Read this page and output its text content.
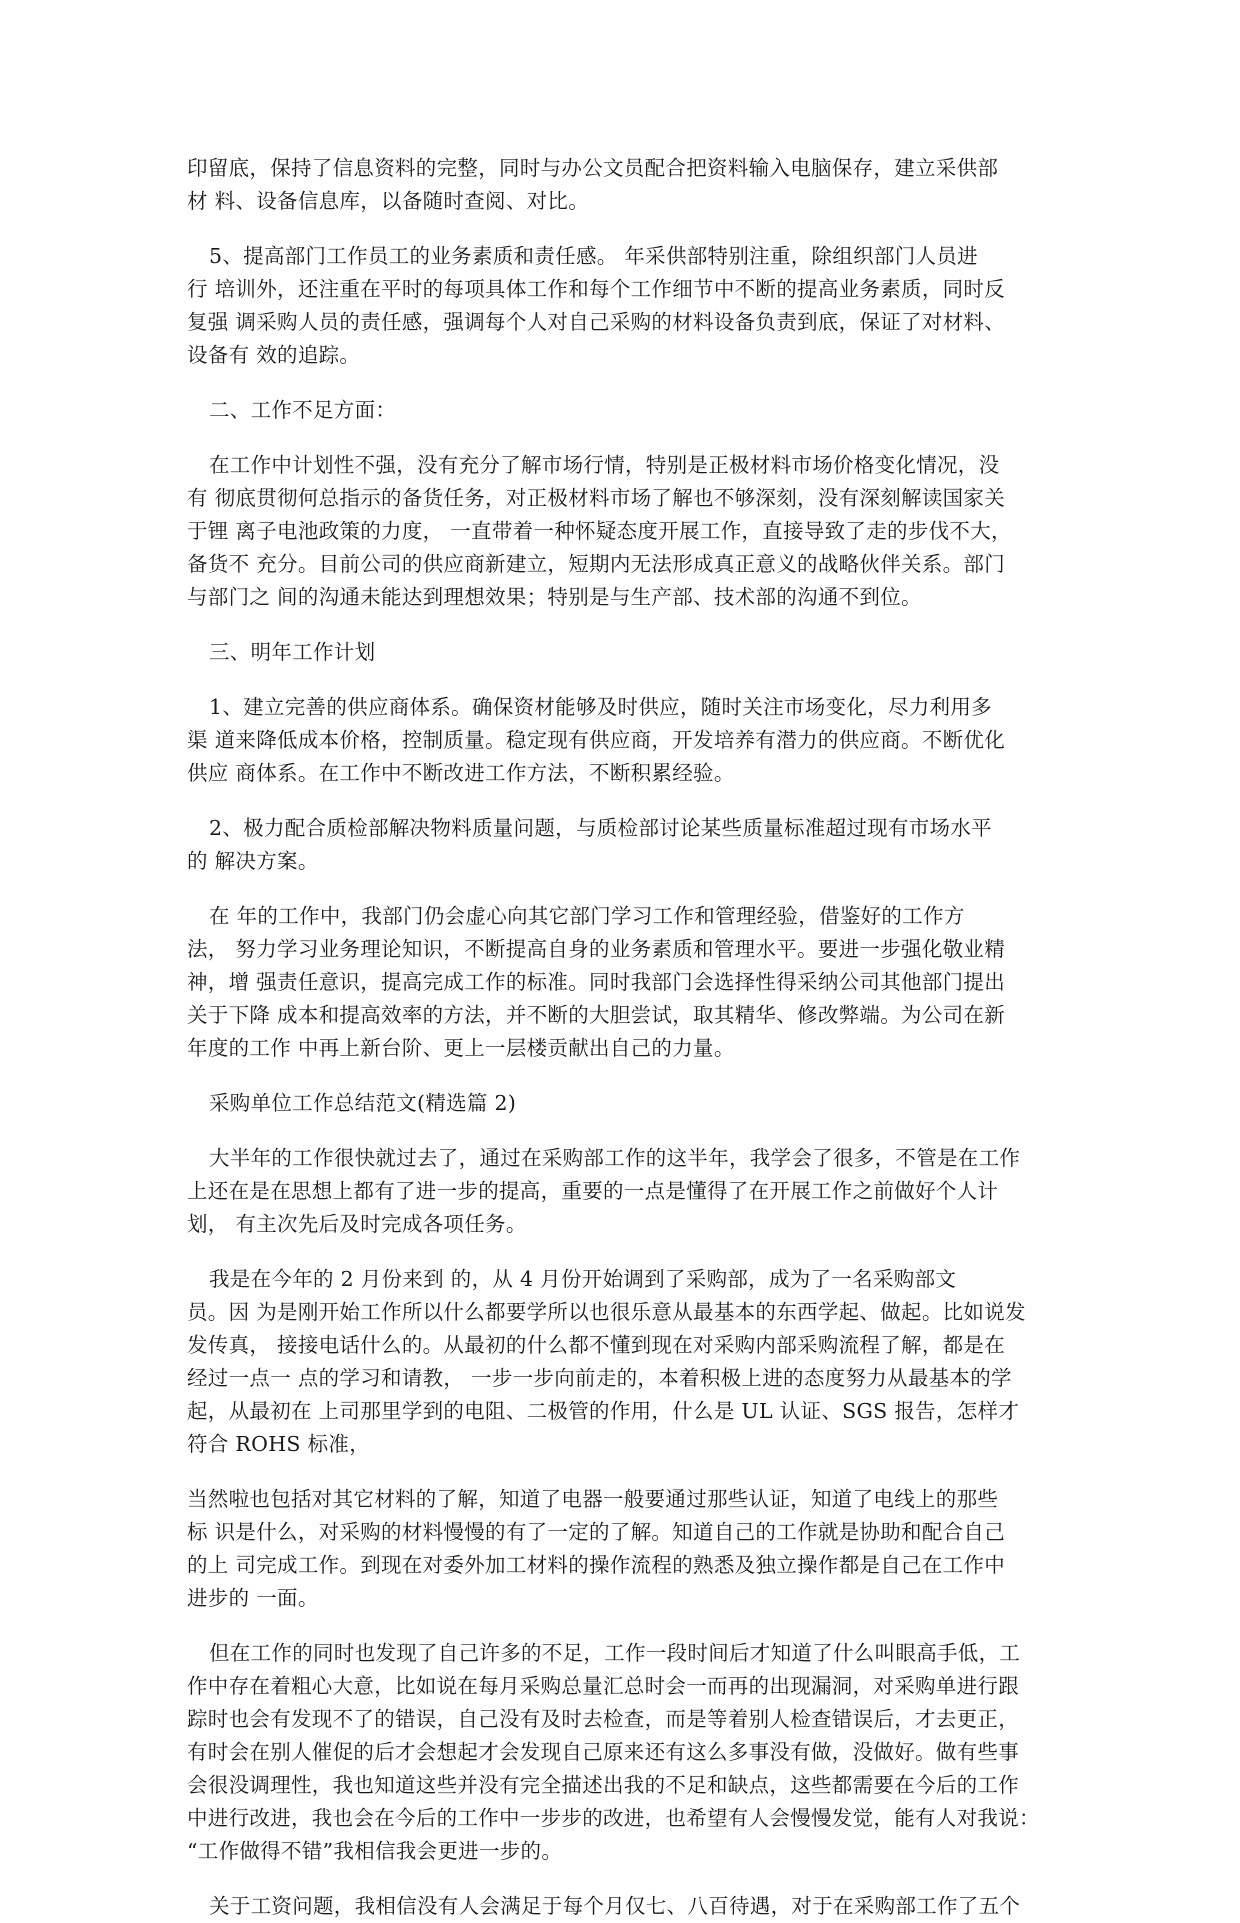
印留底，保持了信息资料的完整，同时与办公文员配合把资料输入电脑保存，建立采供部
材 料、设备信息库，以备随时查阅、对比。

5、提高部门工作员工的业务素质和责任感。 年采供部特别注重，除组织部门人员进
行 培训外，还注重在平时的每项具体工作和每个工作细节中不断的提高业务素质，同时反
复强 调采购人员的责任感，强调每个人对自己采购的材料设备负责到底，保证了对材料、
设备有 效的追踪。

二、工作不足方面：

在工作中计划性不强，没有充分了解市场行情，特别是正极材料市场价格变化情况，没
有 彻底贯彻何总指示的备货任务，对正极材料市场了解也不够深刻，没有深刻解读国家关
于锂 离子电池政策的力度， 一直带着一种怀疑态度开展工作，直接导致了走的步伐不大，
备货不 充分。目前公司的供应商新建立，短期内无法形成真正意义的战略伙伴关系。部门
与部门之 间的沟通未能达到理想效果；特别是与生产部、技术部的沟通不到位。

三、明年工作计划

1、建立完善的供应商体系。确保资材能够及时供应，随时关注市场变化，尽力利用多
渠 道来降低成本价格，控制质量。稳定现有供应商，开发培养有潜力的供应商。不断优化
供应 商体系。在工作中不断改进工作方法，不断积累经验。

2、极力配合质检部解决物料质量问题，与质检部讨论某些质量标准超过现有市场水平
的 解决方案。

在 年的工作中，我部门仍会虚心向其它部门学习工作和管理经验，借鉴好的工作方
法， 努力学习业务理论知识，不断提高自身的业务素质和管理水平。要进一步强化敬业精
神，增 强责任意识，提高完成工作的标准。同时我部门会选择性得采纳公司其他部门提出
关于下降 成本和提高效率的方法，并不断的大胆尝试，取其精华、修改弊端。为公司在新
年度的工作 中再上新台阶、更上一层楼贡献出自己的力量。

采购单位工作总结范文(精选篇 2)

大半年的工作很快就过去了，通过在采购部工作的这半年，我学会了很多，不管是在工作
上还在是在思想上都有了进一步的提高，重要的一点是懂得了在开展工作之前做好个人计
划， 有主次先后及时完成各项任务。

我是在今年的 2 月份来到 的，从 4 月份开始调到了采购部，成为了一名采购部文
员。因 为是刚开始工作所以什么都要学所以也很乐意从最基本的东西学起、做起。比如说发
发传真， 接接电话什么的。从最初的什么都不懂到现在对采购内部采购流程了解，都是在
经过一点一 点的学习和请教， 一步一步向前走的，本着积极上进的态度努力从最基本的学
起，从最初在 上司那里学到的电阻、二极管的作用，什么是 UL 认证、SGS 报告，怎样才
符合 ROHS 标准，

当然啦也包括对其它材料的了解，知道了电器一般要通过那些认证，知道了电线上的那些
标 识是什么，对采购的材料慢慢的有了一定的了解。知道自己的工作就是协助和配合自己
的上 司完成工作。到现在对委外加工材料的操作流程的熟悉及独立操作都是自己在工作中
进步的 一面。

但在工作的同时也发现了自己许多的不足，工作一段时间后才知道了什么叫眼高手低，工
作中存在着粗心大意，比如说在每月采购总量汇总时会一而再的出现漏洞，对采购单进行跟
踪时也会有发现不了的错误，自己没有及时去检查，而是等着别人检查错误后，才去更正，
有时会在别人催促的后才会想起才会发现自己原来还有这么多事没有做，没做好。做有些事
会很没调理性，我也知道这些并没有完全描述出我的不足和缺点，这些都需要在今后的工作
中进行改进，我也会在今后的工作中一步步的改进，也希望有人会慢慢发觉，能有人对我说：
“工作做得不错”我相信我会更进一步的。

关于工资问题，我相信没有人会满足于每个月仅七、八百待遇，对于在采购部工作了五个
